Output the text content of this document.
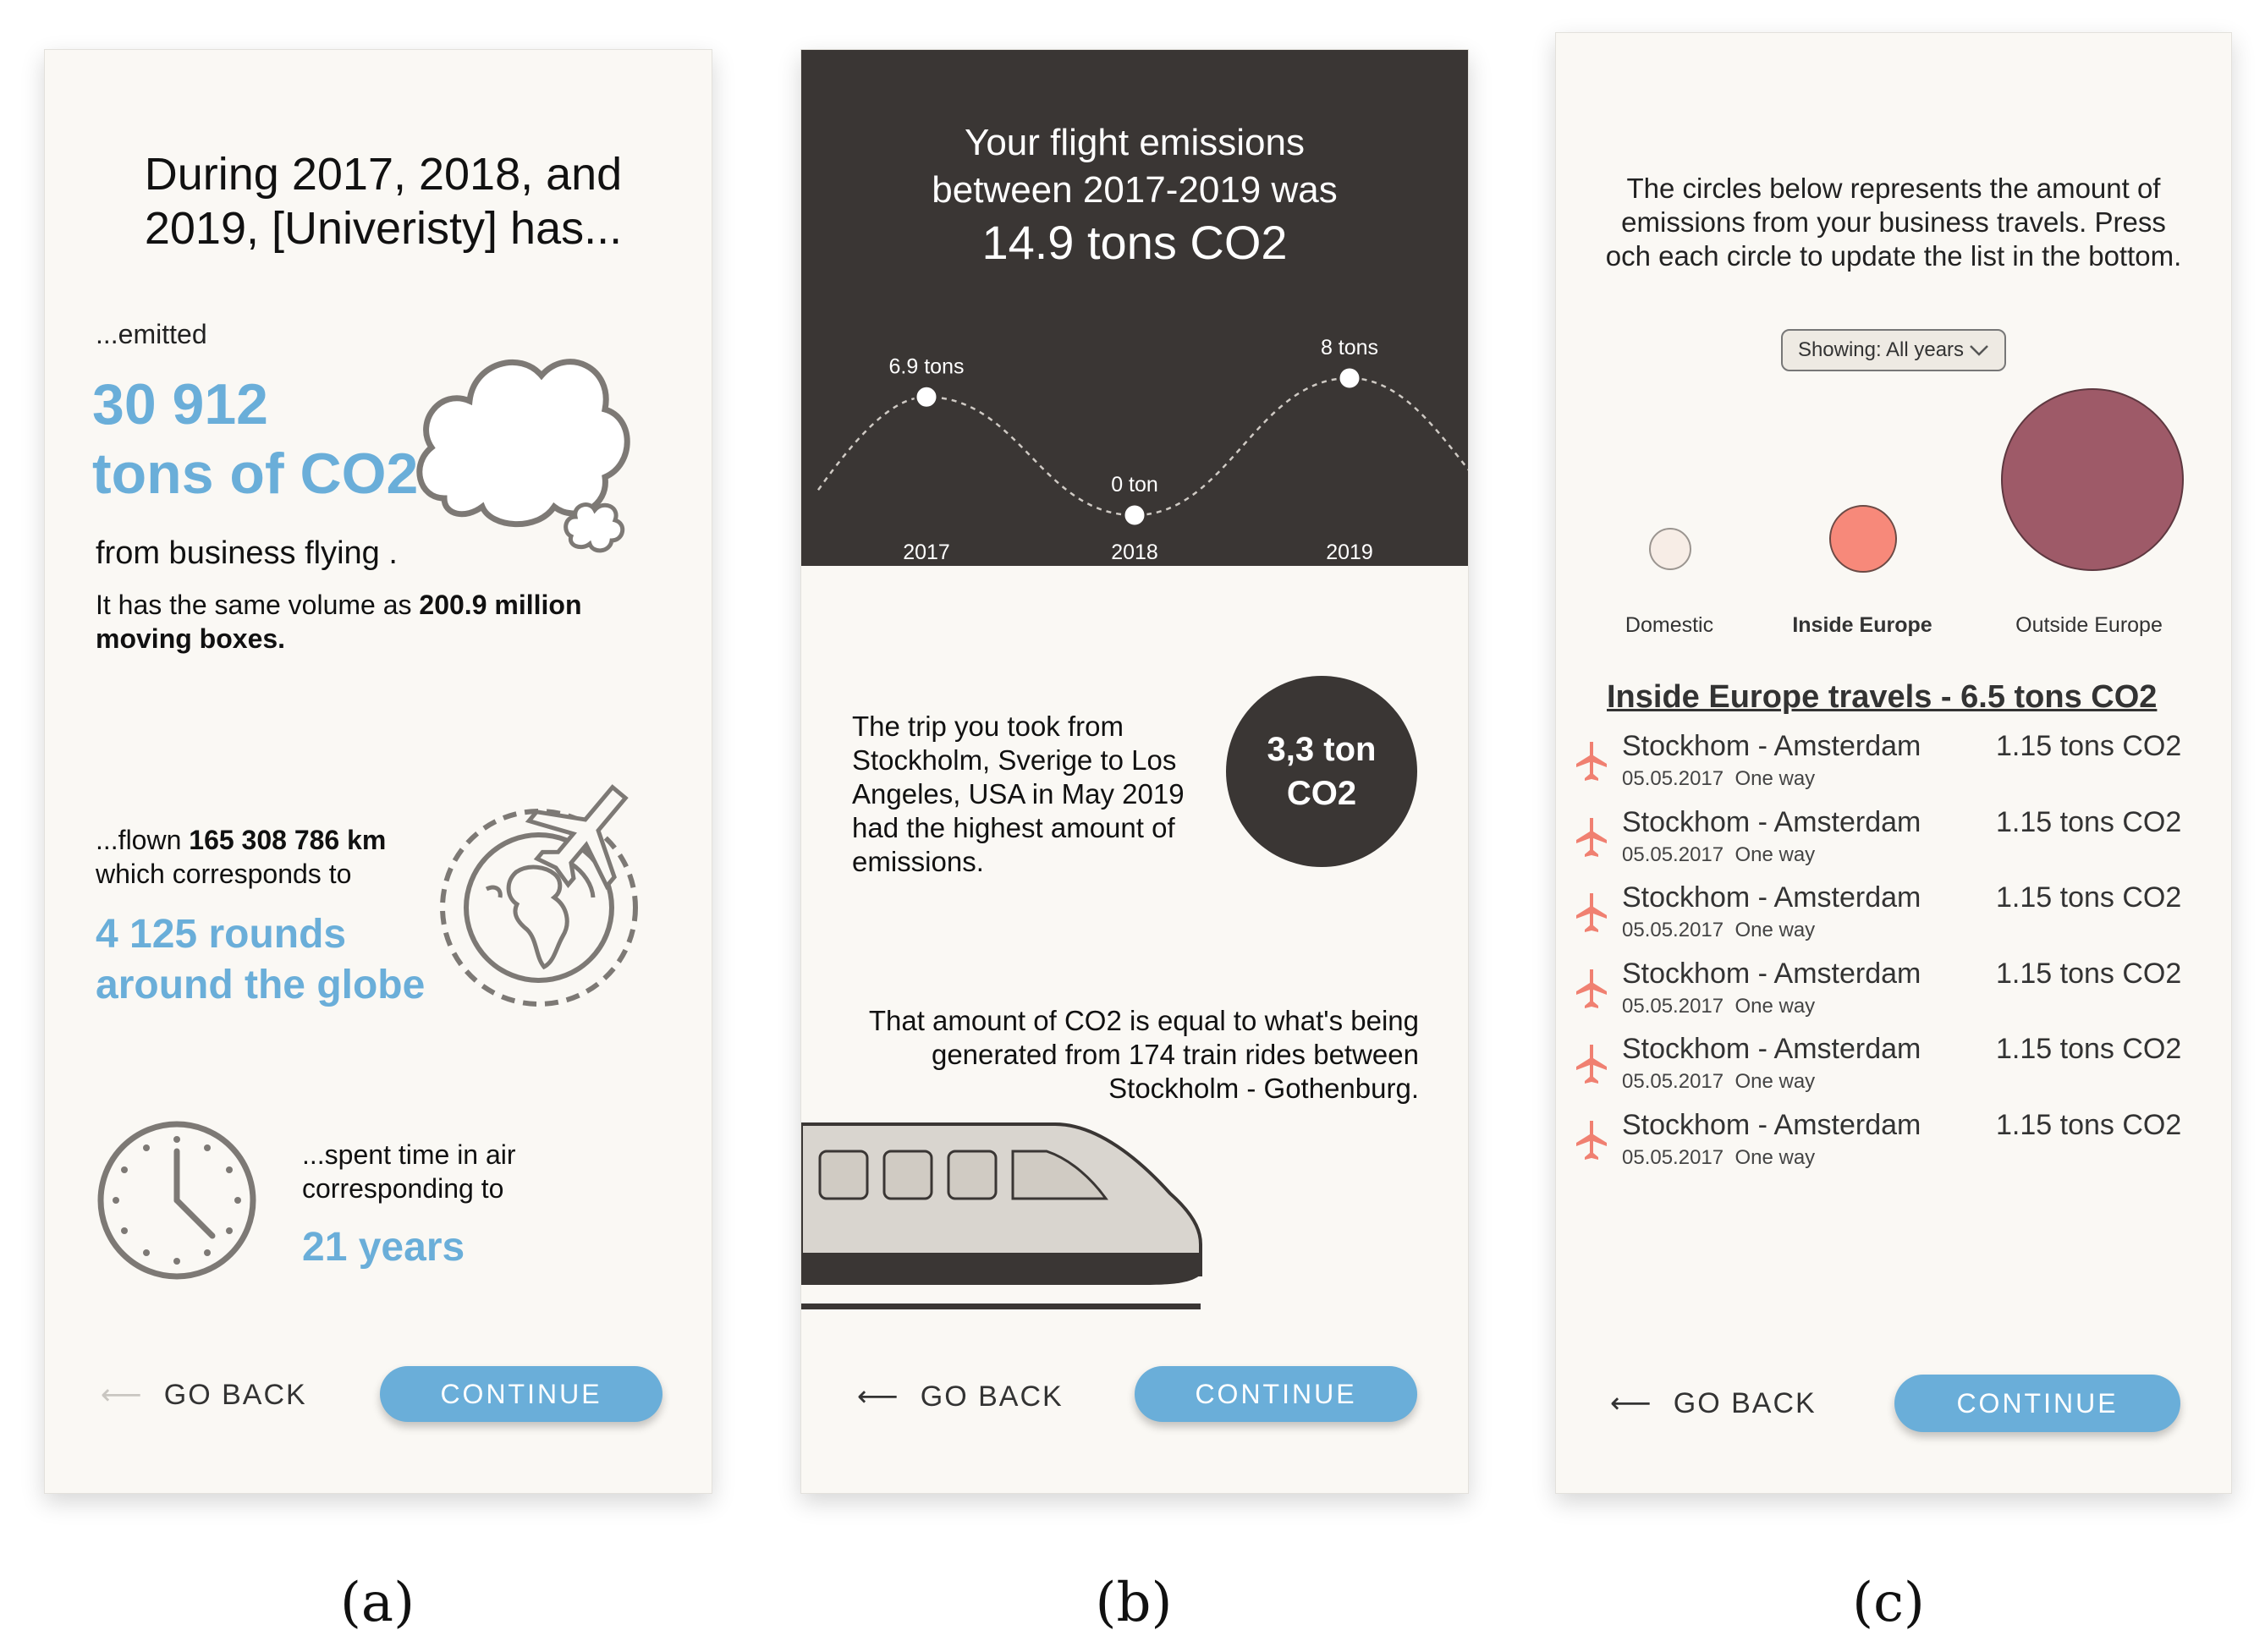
During 2017, 2018, and 2019, [Univeristy] has...
...emitted
30 912
tons of CO2
from business flying .
It has the same volume as 200.9 million moving boxes.
...flown 165 308 786 km
which corresponds to
4 125 rounds
around the globe
...spent time in air
corresponding to
21 years
⟵ GO BACK	CONTINUE
Your flight emissions
between 2017-2019 was
14.9 tons CO2
6.9 tons
2017
0 ton
2018
8 tons
2019
The trip you took from Stockholm, Sverige to Los Angeles, USA in May 2019 had the highest amount of emissions.
3,3 ton
CO2
That amount of CO2 is equal to what's being generated from 174 train rides between Stockholm - Gothenburg.
⟵ GO BACK	CONTINUE
The circles below represents the amount of emissions from your business travels. Press och each circle to update the list in the bottom.
Showing: All years
Domestic	Inside Europe	Outside Europe
Inside Europe travels - 6.5 tons CO2
Stockhom - Amsterdam
05.05.2017 One way
1.15 tons CO2
Stockhom - Amsterdam
05.05.2017 One way
1.15 tons CO2
Stockhom - Amsterdam
05.05.2017 One way
1.15 tons CO2
Stockhom - Amsterdam
05.05.2017 One way
1.15 tons CO2
Stockhom - Amsterdam
05.05.2017 One way
1.15 tons CO2
Stockhom - Amsterdam
05.05.2017 One way
1.15 tons CO2
⟵ GO BACK	CONTINUE
(a)	(b)	(c)
